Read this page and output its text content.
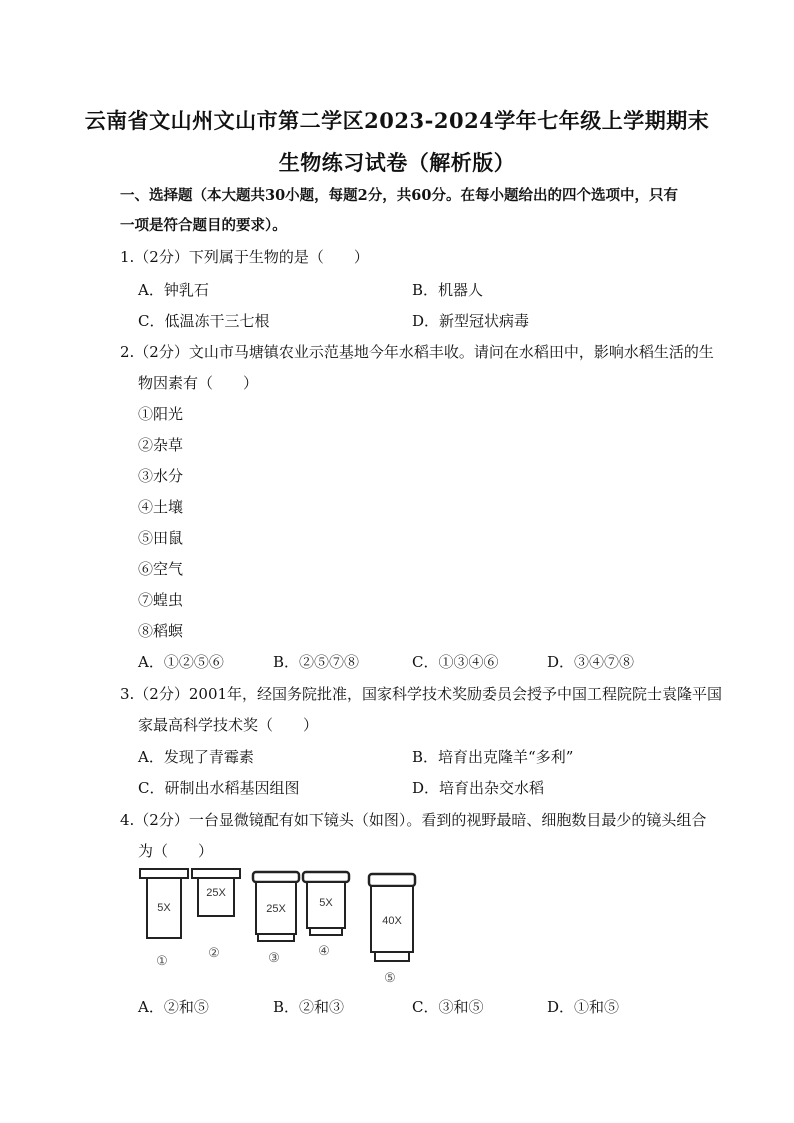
云南省文山州文山市第二学区2023-2024学年七年级上学期期末
生物练习试卷（解析版）
一、选择题（本大题共30小题，每题2分，共60分。在每小题给出的四个选项中，只有
一项是符合题目的要求）。
1.（2分）下列属于生物的是（　　）
A．钟乳石	B．机器人
C．低温冻干三七根	D．新型冠状病毒
2.（2分）文山市马塘镇农业示范基地今年水稻丰收。请问在水稻田中，影响水稻生活的生
物因素有（　　）
①阳光
②杂草
③水分
④土壤
⑤田鼠
⑥空气
⑦蝗虫
⑧稻螟
A．①②⑤⑥	B．②⑤⑦⑧	C．①③④⑥	D．③④⑦⑧
3.（2分）2001年，经国务院批准，国家科学技术奖励委员会授予中国工程院院士袁隆平国
家最高科学技术奖（　　）
A．发现了青霉素	B．培育出克隆羊“多利”
C．研制出水稻基因组图	D．培育出杂交水稻
4.（2分）一台显微镜配有如下镜头（如图）。看到的视野最暗、细胞数目最少的镜头组合
为（　　）
5X
①
25X
②
25X
③
5X
④
40X
⑤
A．②和⑤	B．②和③	C．③和⑤	D．①和⑤
